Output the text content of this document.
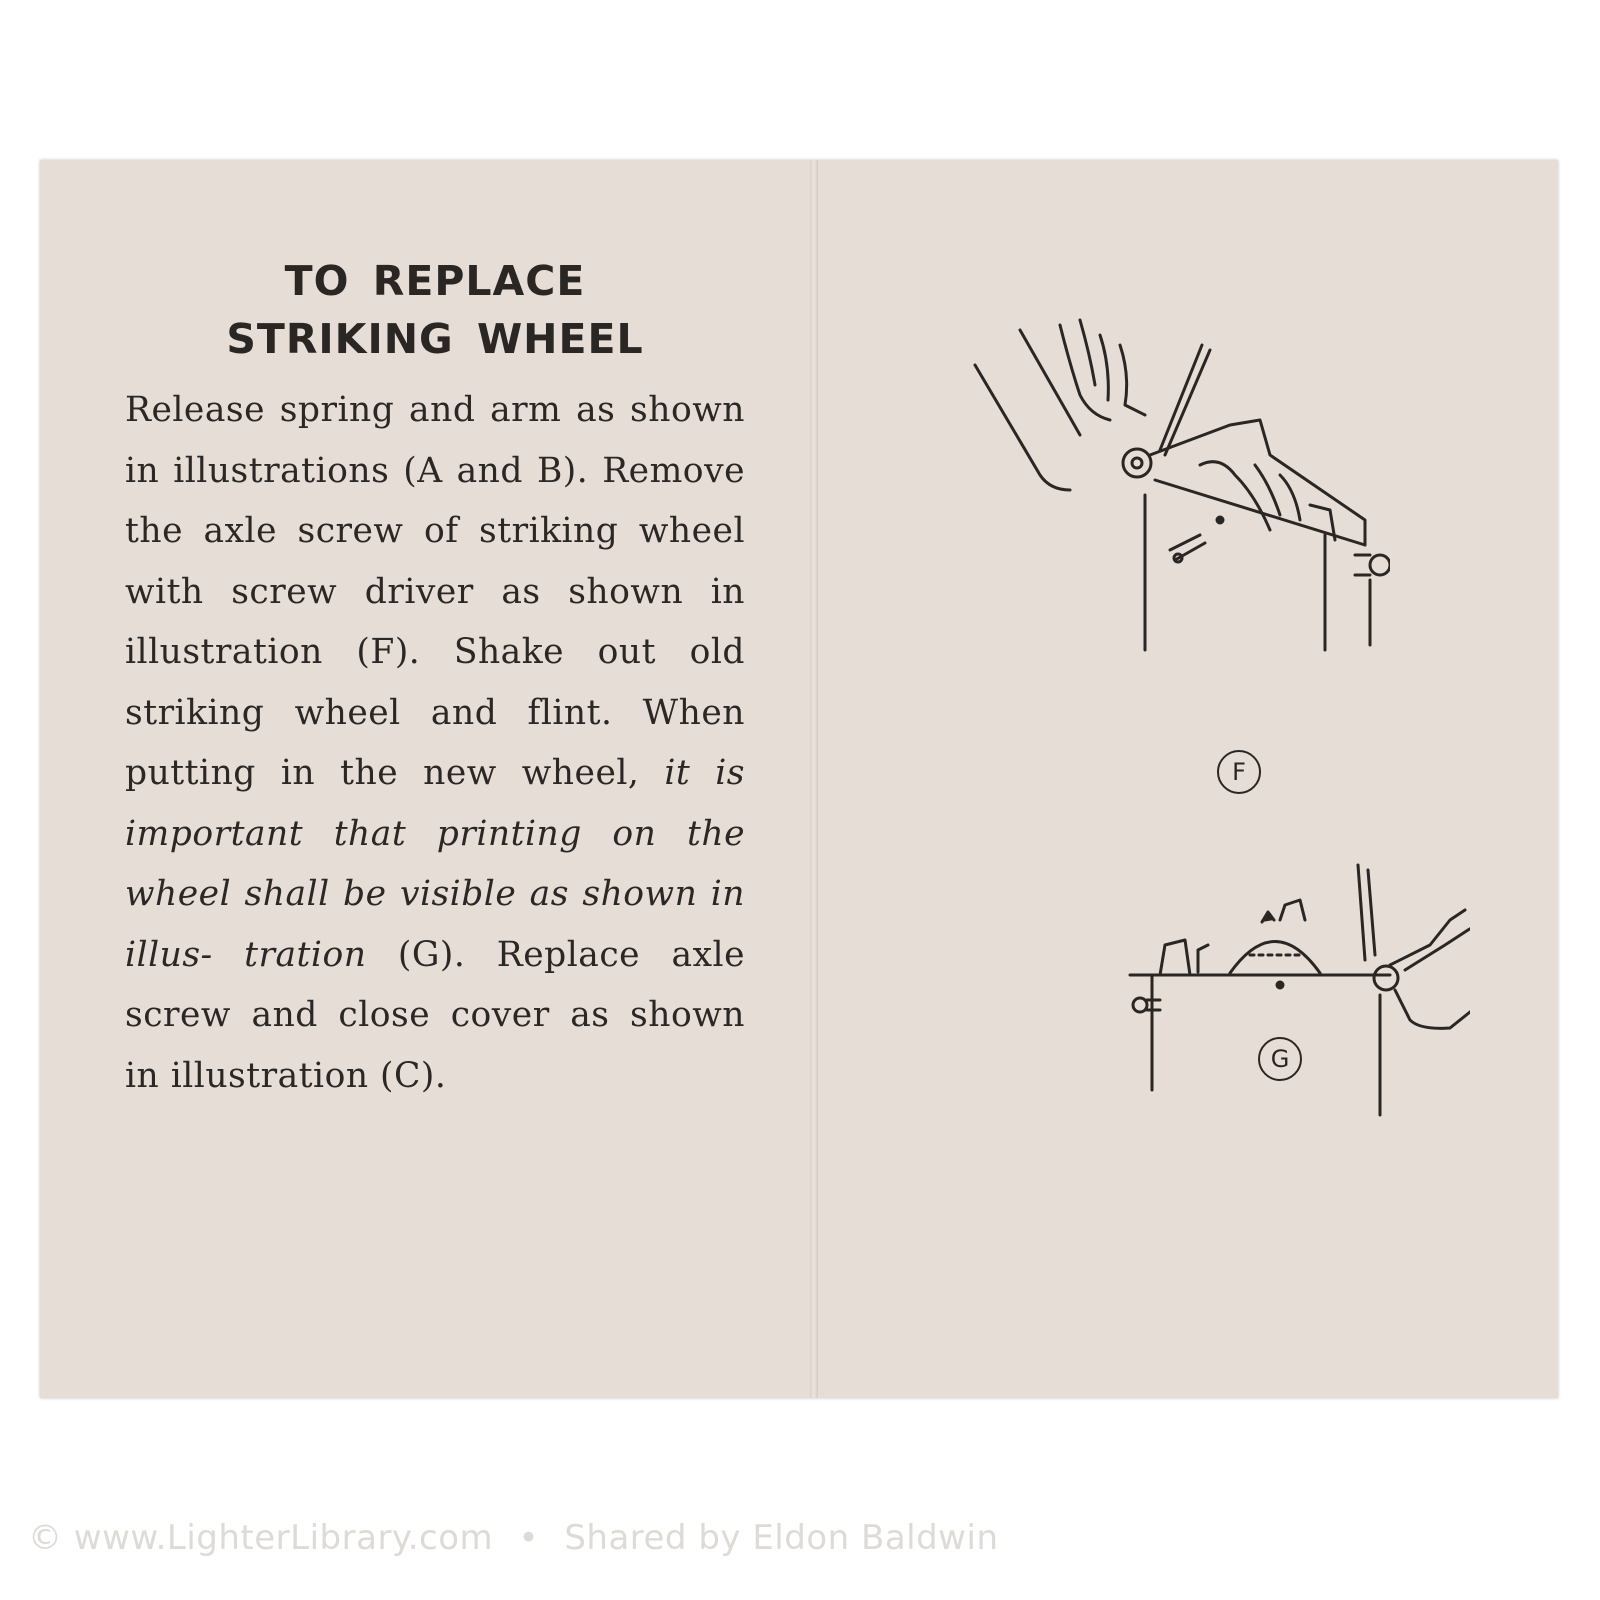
TO REPLACE
STRIKING WHEEL

Release spring and arm as shown in illustrations (A and B). Remove the axle screw of striking wheel with screw driver as shown in illustration (F). Shake out old striking wheel and flint. When putting in the new wheel, it is important that printing on the wheel shall be visible as shown in illus- tration (G). Replace axle screw and close cover as shown in illustration (C).

F
G
© www.LighterLibrary.com • Shared by Eldon Baldwin
